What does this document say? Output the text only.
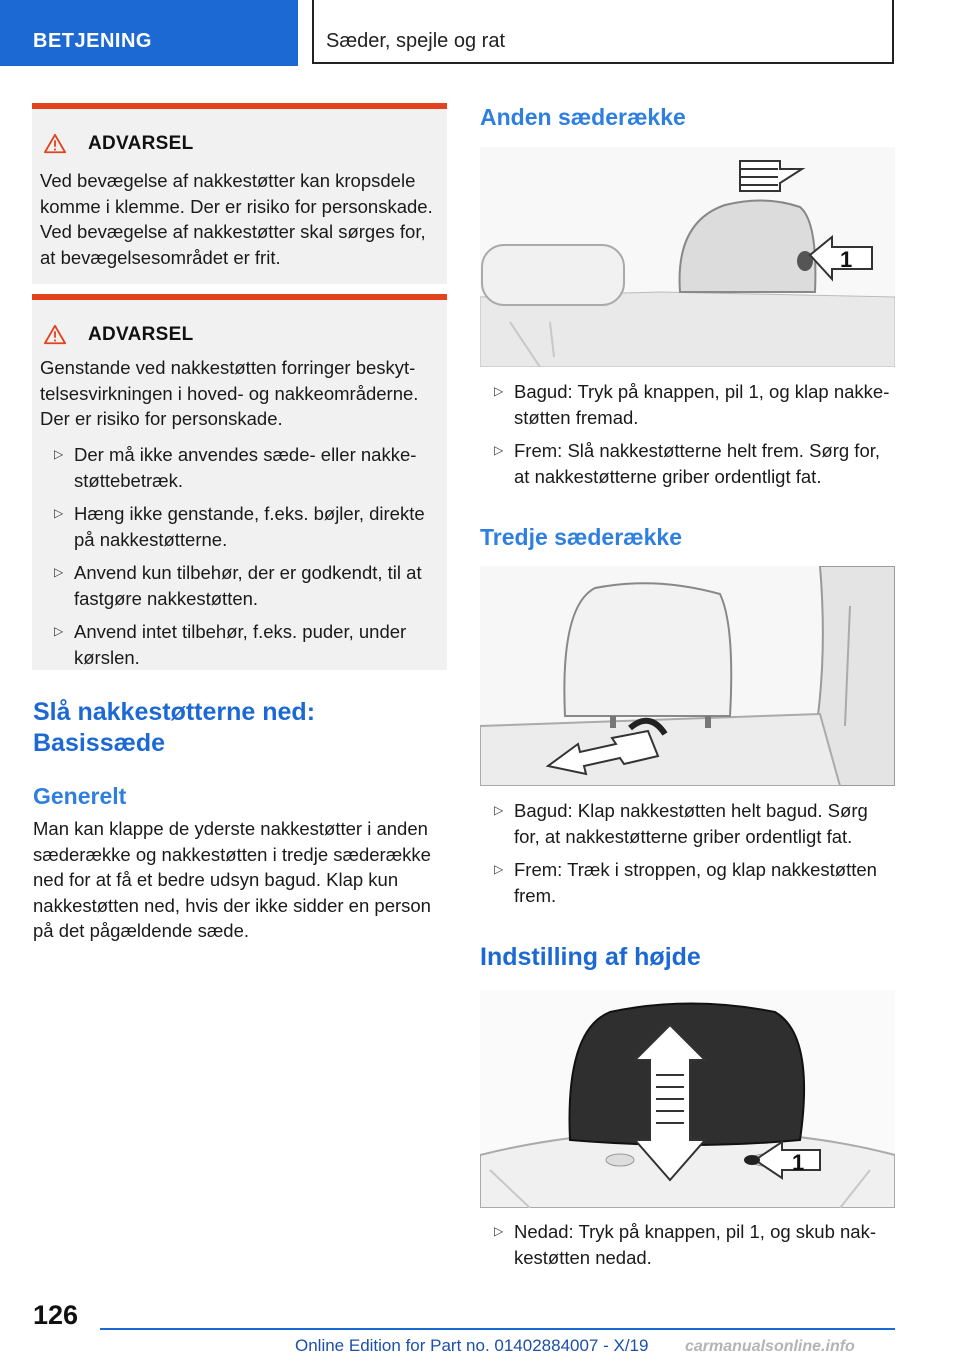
BETJENING	Sæder, spejle og rat
ADVARSEL
Ved bevægelse af nakkestøtter kan kropsdele komme i klemme. Der er risiko for personskade. Ved bevægelse af nakkestøtter skal sørges for, at bevægelsesområdet er frit.
ADVARSEL
Genstande ved nakkestøtten forringer beskyttelsesvirkningen i hoved- og nakkeområderne. Der er risiko for personskade.
▷ Der må ikke anvendes sæde- eller nakkestøttebetræk.
▷ Hæng ikke genstande, f.eks. bøjler, direkte på nakkestøtterne.
▷ Anvend kun tilbehør, der er godkendt, til at fastgøre nakkestøtten.
▷ Anvend intet tilbehør, f.eks. puder, under kørslen.
Slå nakkestøtterne ned: Basissæde
Generelt
Man kan klappe de yderste nakkestøtter i anden sæderække og nakkestøtten i tredje sæderække ned for at få et bedre udsyn bagud. Klap kun nakkestøtten ned, hvis der ikke sidder en person på det pågældende sæde.
Anden sæderække
1
▷ Bagud: Tryk på knappen, pil 1, og klap nakkestøtten fremad.
▷ Frem: Slå nakkestøtterne helt frem. Sørg for, at nakkestøtterne griber ordentligt fat.
Tredje sæderække
▷ Bagud: Klap nakkestøtten helt bagud. Sørg for, at nakkestøtterne griber ordentligt fat.
▷ Frem: Træk i stroppen, og klap nakkestøtten frem.
Indstilling af højde
1
▷ Nedad: Tryk på knappen, pil 1, og skub nakkestøtten nedad.
126
Online Edition for Part no. 01402884007 - X/19 carmanualsonline.info
